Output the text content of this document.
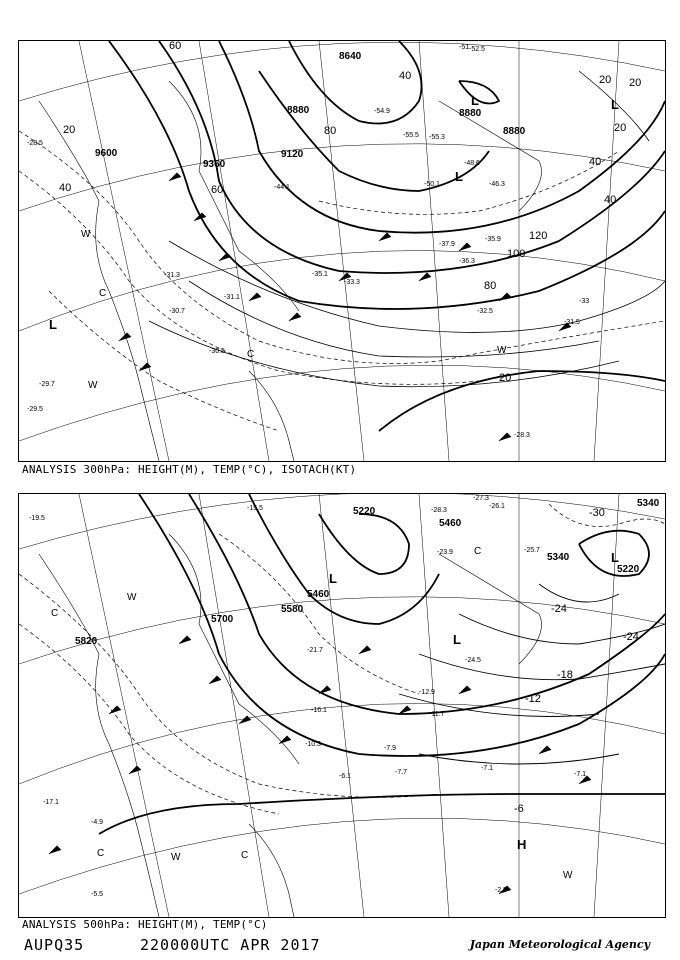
9600
9360
9120
8880	8880
8880
8640
20
40
40
60
60
80
80
100
120
20
20
40
40
20
20
-51 -52.5
-54.9
-55.5 -55.3
-50.1
-48.6
-46.3
-44.1
-37.9
-36.3
-35.9
-35.1
-33
-32.5
-31.5
-31.3
-31.1
-30.5
-30.7
-28.3
-29.5
-29.7
-33.3
-28.5
L
L
L
L
W
W
W
C
C
ANALYSIS 300hPa: HEIGHT(M), TEMP(°C), ISOTACH(KT)
5220
5460
5340
5340
5220
5700
5580
5460
5820
-30
-24
-24
-18
-12
-6
-28.3
-27.3
-26.1
-25.7
-24.5
-23.9
-21.7
-16.1
-12.9
-11.7
-10.3
-7.9
-7.7
-7.1
-7.1
-6.1
-5.5
-4.9
-2.5
-19.5
-17.1
-15.5
L
L
L
H
W
W
W
C
C
C
C
ANALYSIS 500hPa: HEIGHT(M), TEMP(°C)
AUPQ35	220000UTC APR 2017	Japan Meteorological Agency
